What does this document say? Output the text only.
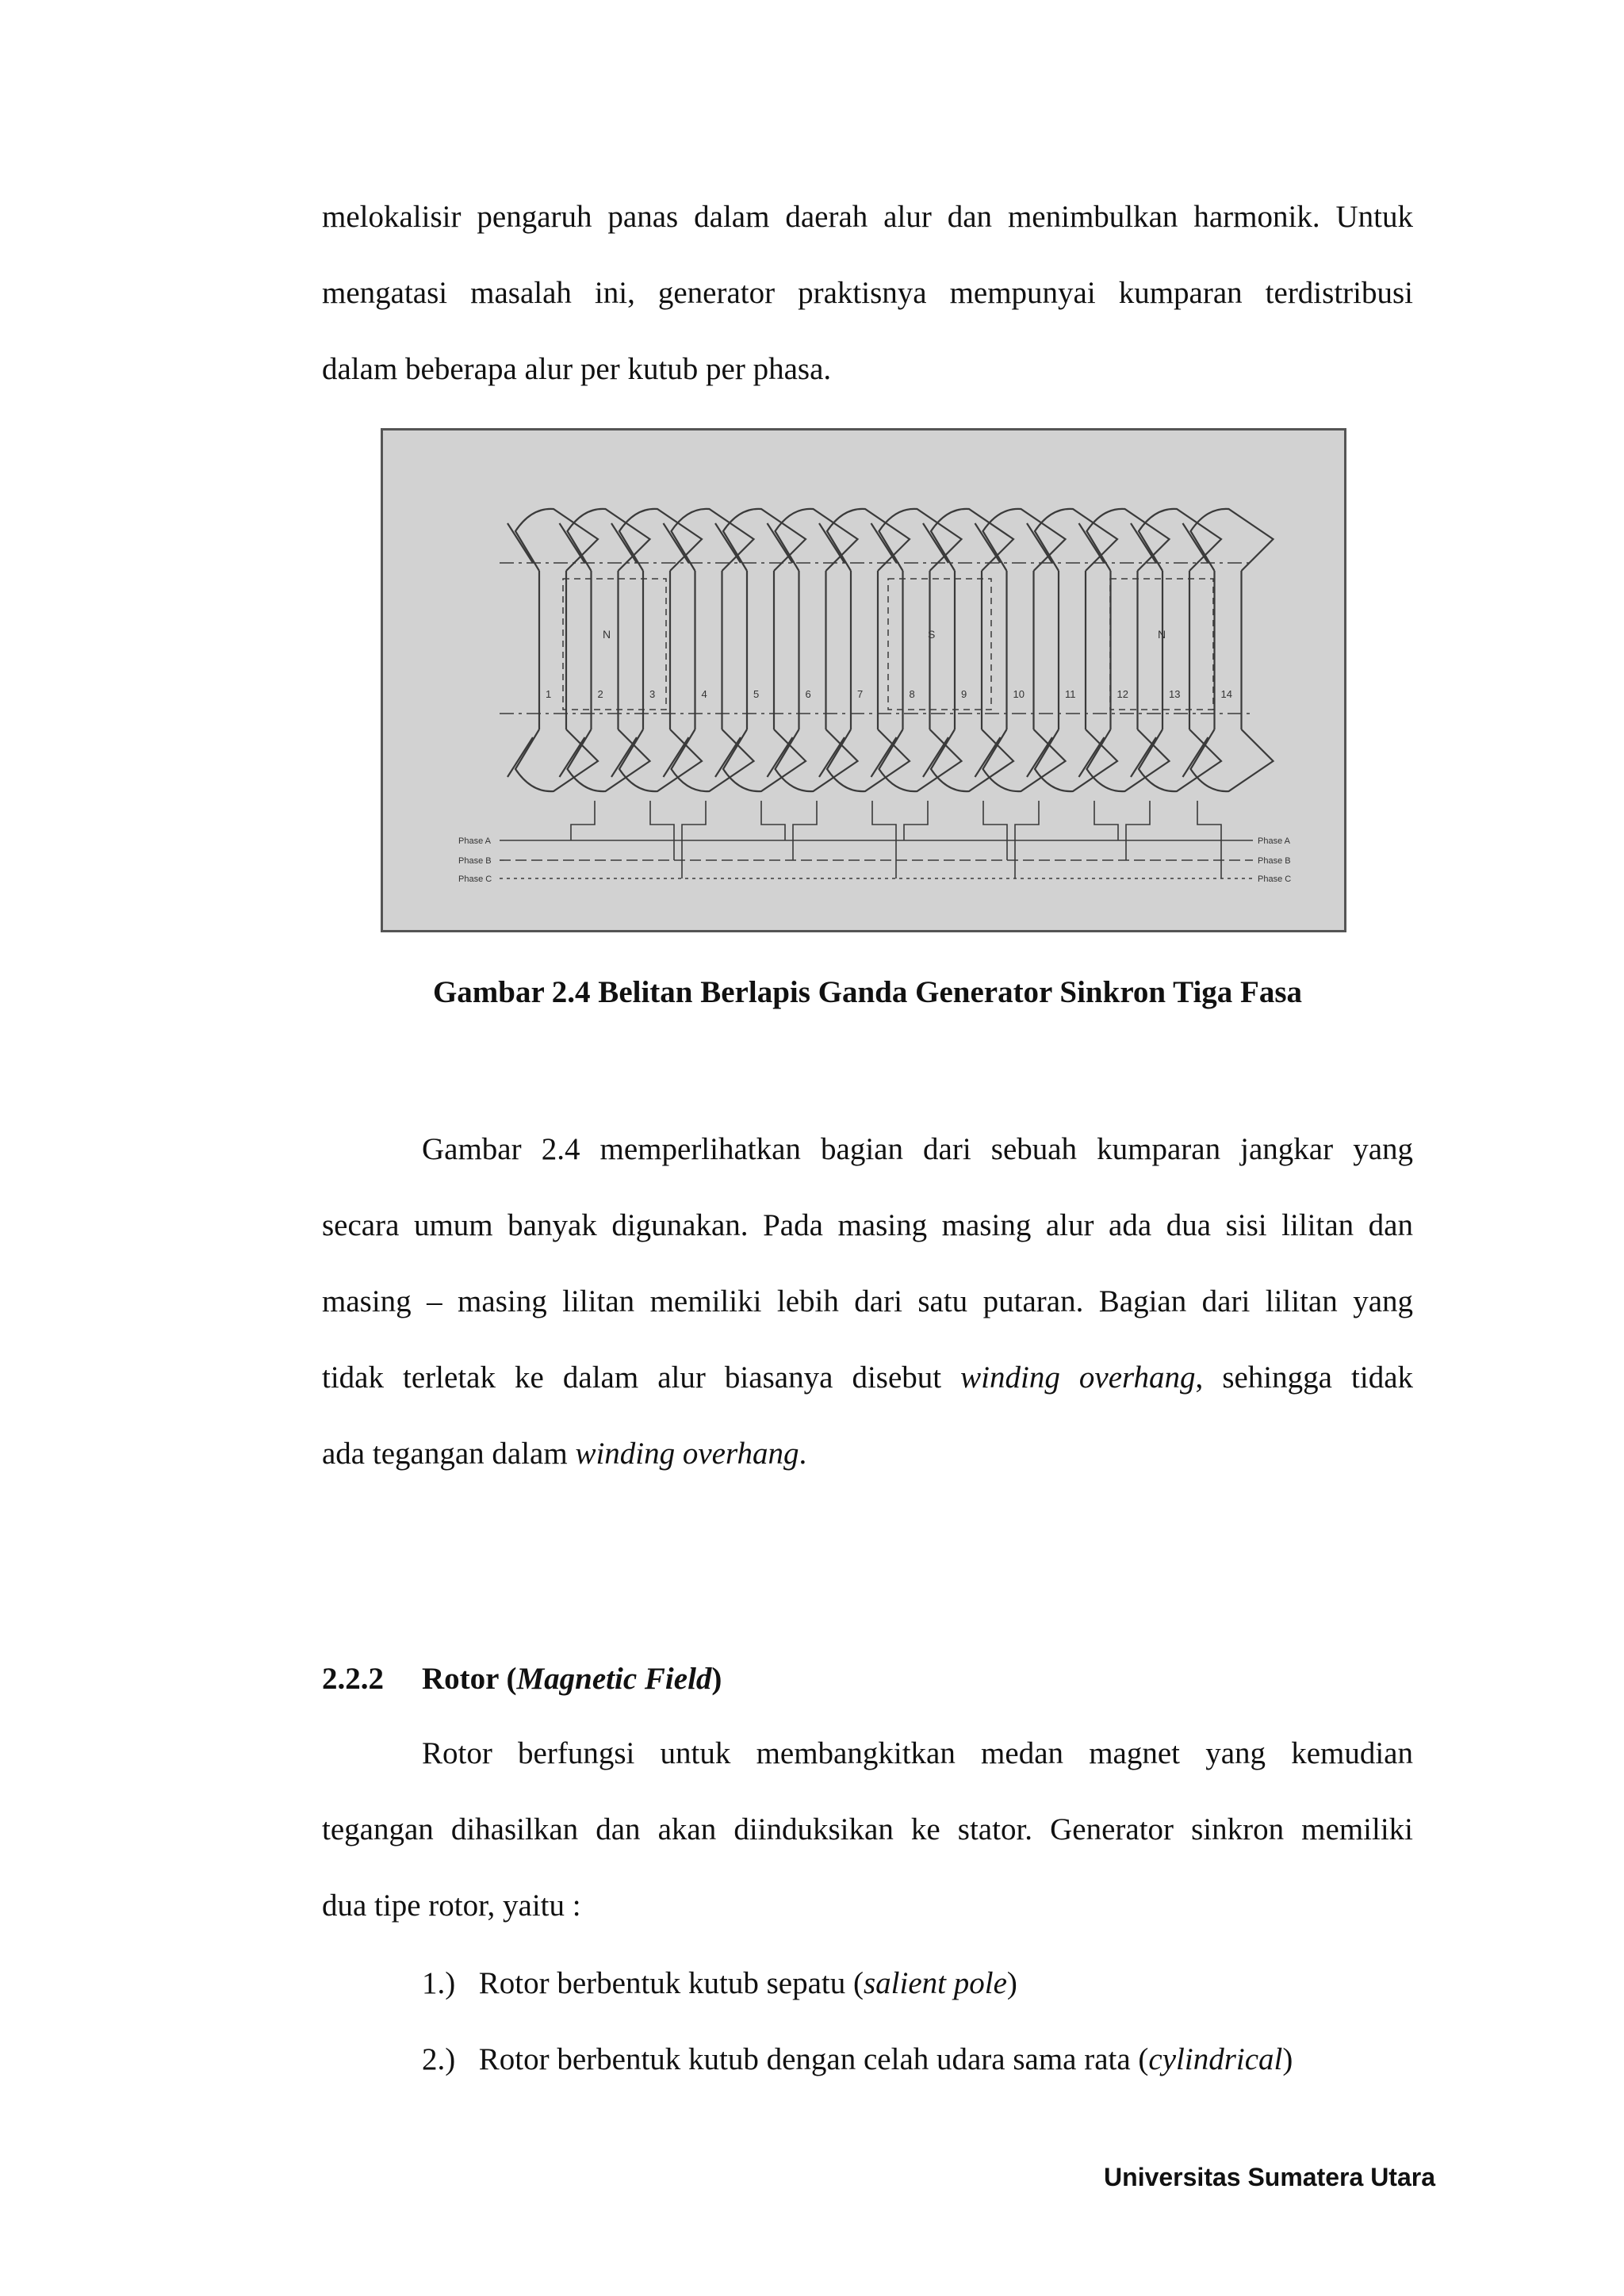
melokalisir pengaruh panas dalam daerah alur dan menimbulkan harmonik. Untuk
mengatasi masalah ini, generator praktisnya mempunyai kumparan terdistribusi
dalam beberapa alur per kutub per phasa.
1	2	3	4	5	6	7	8	9	10	11	12	13	14
N	S	N
Phase A
Phase B
Phase C
Phase A
Phase B
Phase C
Gambar 2.4 Belitan Berlapis Ganda Generator Sinkron Tiga Fasa
Gambar 2.4 memperlihatkan bagian dari sebuah kumparan jangkar yang
secara umum banyak digunakan. Pada masing masing alur ada dua sisi lilitan dan
masing – masing lilitan memiliki lebih dari satu putaran. Bagian dari lilitan yang
tidak terletak ke dalam alur biasanya disebut winding overhang, sehingga tidak
ada tegangan dalam winding overhang.
2.2.2 Rotor (Magnetic Field)
Rotor berfungsi untuk membangkitkan medan magnet yang kemudian
tegangan dihasilkan dan akan diinduksikan ke stator. Generator sinkron memiliki
dua tipe rotor, yaitu :
1.) Rotor berbentuk kutub sepatu (salient pole)
2.) Rotor berbentuk kutub dengan celah udara sama rata (cylindrical)
Universitas Sumatera Utara
